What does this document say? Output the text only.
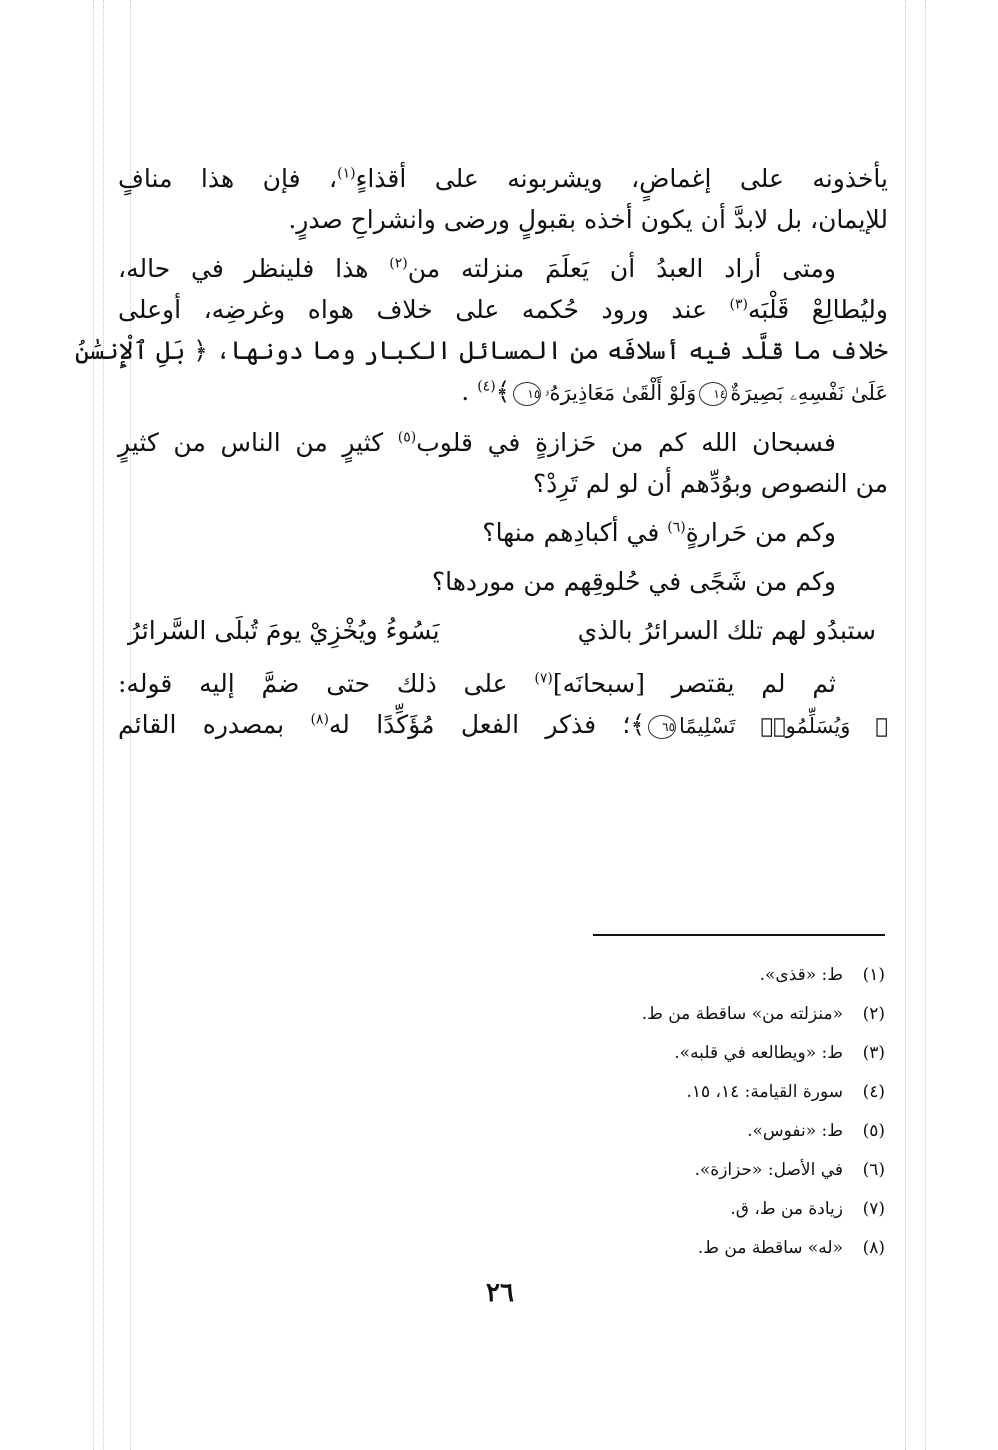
يأخذونه على إغماضٍ، ويشربونه على أقذاءٍ$^{(١)}$، فإن هذا منافٍ
للإيمان، بل لابدَّ أن يكون أخذه بقبولٍ ورضى وانشراحِ صدرٍ.
ومتى أراد العبدُ أن يَعلَمَ منزلته من$^{(٢)}$ هذا فلينظر في حاله،
وليُطالِعْ قَلْبَه$^{(٣)}$ عند ورود حُكمه على خلاف هواه وغرضِه، أوعلى
خلاف ما قلَّد فيه أسلافَه من المسائل الكبار وما دونها، ﴿ بَلِ ٱلْإِنسَٰنُ
عَلَىٰ نَفْسِهِۦ بَصِيرَةٌ١٤وَلَوْ أَلْقَىٰ مَعَاذِيرَهُۥ١٥﴾$^{(٤)}$ .
فسبحان الله كم من حَزازةٍ في قلوب$^{(٥)}$ كثيرٍ من الناس من كثيرٍ
من النصوص وبوُدِّهم أن لو لم تَرِدْ؟
وكم من حَرارةٍ$^{(٦)}$ في أكبادِهم منها؟
وكم من شَجًى في حُلوقِهم من موردها؟
ستبدُو لهم تلك السرائرُ بالذي
يَسُوءُ ويُخْزِيْ يومَ تُبلَى السَّرائرُ
ثم لم يقتصر [سبحانَه]$^{(٧)}$ على ذلك حتى ضمَّ إليه قوله:
﴿ وَيُسَلِّمُوا۟ تَسْلِيمًا٦٥﴾؛ فذكر الفعل مُؤَكِّدًا له$^{(٨)}$ بمصدره القائم
(١)
ط: «قذى».
(٢)
«منزلته من» ساقطة من ط.
(٣)
ط: «ويطالعه في قلبه».
(٤)
سورة القيامة: ١٤، ١٥.
(٥)
ط: «نفوس».
(٦)
في الأصل: «حزازة».
(٧)
زيادة من ط، ق.
(٨)
«له» ساقطة من ط.
٢٦
